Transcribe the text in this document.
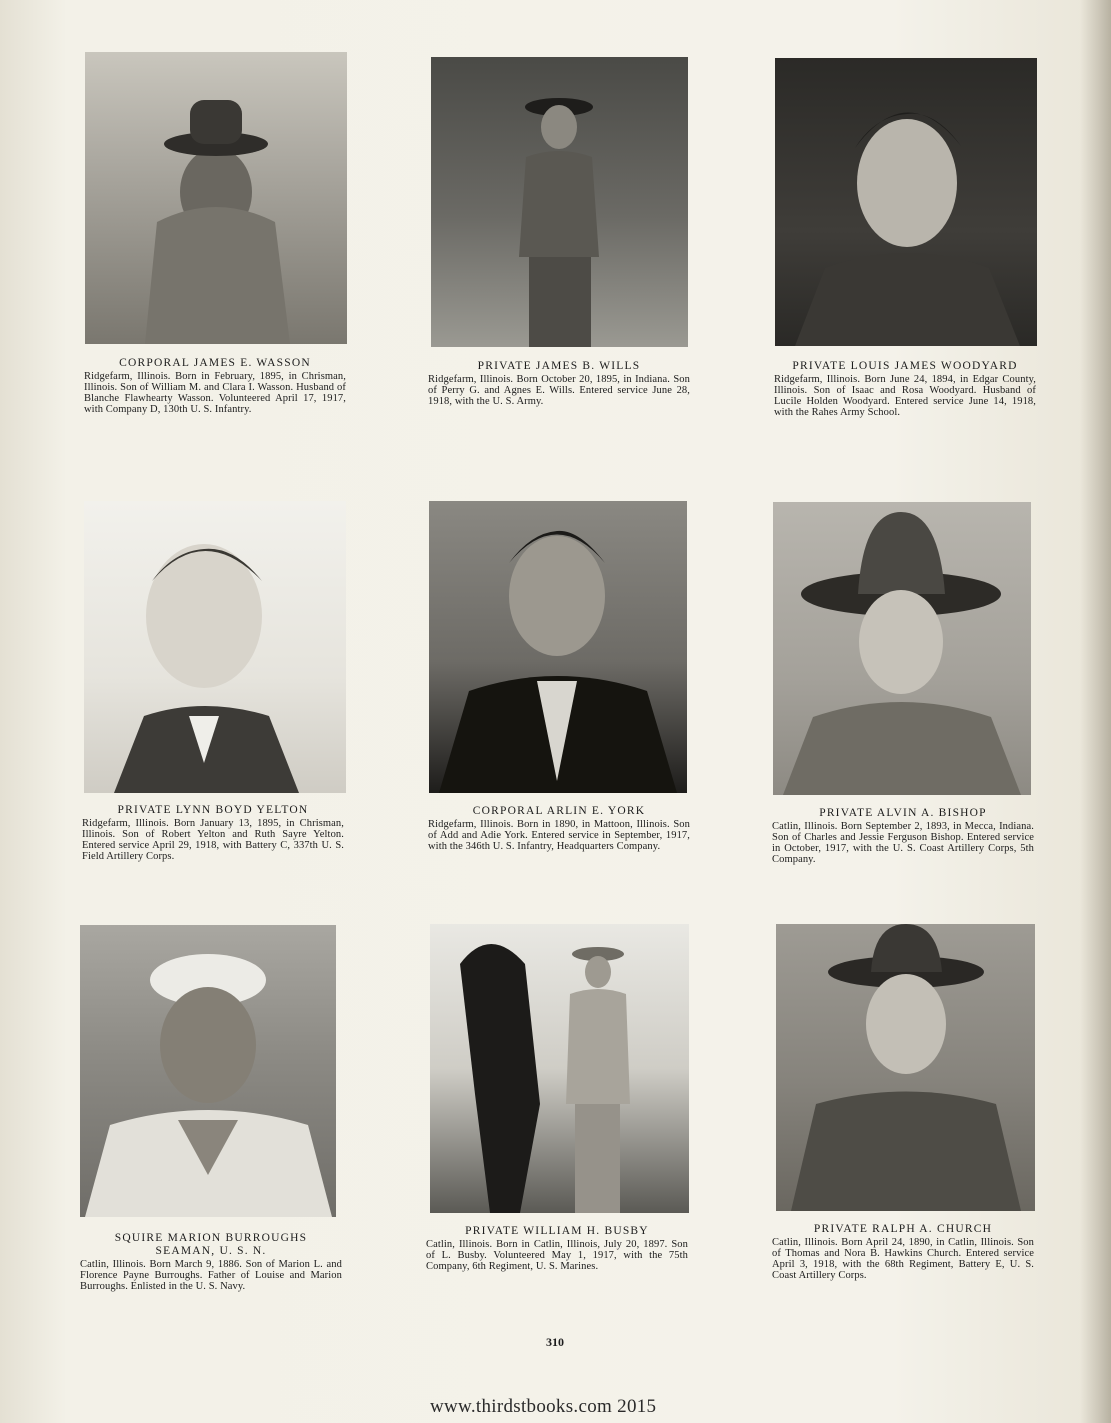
CORPORAL JAMES E. WASSON
Ridgefarm, Illinois. Born in February, 1895, in Chrisman, Illinois. Son of William M. and Clara I. Wasson. Husband of Blanche Flawhearty Wasson. Volunteered April 17, 1917, with Company D, 130th U. S. Infantry.
PRIVATE JAMES B. WILLS
Ridgefarm, Illinois. Born October 20, 1895, in Indiana. Son of Perry G. and Agnes E. Wills. Entered service June 28, 1918, with the U. S. Army.
PRIVATE LOUIS JAMES WOODYARD
Ridgefarm, Illinois. Born June 24, 1894, in Edgar County, Illinois. Son of Isaac and Rosa Woodyard. Husband of Lucile Holden Woodyard. Entered service June 14, 1918, with the Rahes Army School.
PRIVATE LYNN BOYD YELTON
Ridgefarm, Illinois. Born January 13, 1895, in Chrisman, Illinois. Son of Robert Yelton and Ruth Sayre Yelton. Entered service April 29, 1918, with Battery C, 337th U. S. Field Artillery Corps.
CORPORAL ARLIN E. YORK
Ridgefarm, Illinois. Born in 1890, in Mattoon, Illinois. Son of Add and Adie York. Entered service in September, 1917, with the 346th U. S. Infantry, Headquarters Company.
PRIVATE ALVIN A. BISHOP
Catlin, Illinois. Born September 2, 1893, in Mecca, Indiana. Son of Charles and Jessie Ferguson Bishop. Entered service in October, 1917, with the U. S. Coast Artillery Corps, 5th Company.
SQUIRE MARION BURROUGHS
SEAMAN, U. S. N.
Catlin, Illinois. Born March 9, 1886. Son of Marion L. and Florence Payne Burroughs. Father of Louise and Marion Burroughs. Enlisted in the U. S. Navy.
PRIVATE WILLIAM H. BUSBY
Catlin, Illinois. Born in Catlin, Illinois, July 20, 1897. Son of L. Busby. Volunteered May 1, 1917, with the 75th Company, 6th Regiment, U. S. Marines.
PRIVATE RALPH A. CHURCH
Catlin, Illinois. Born April 24, 1890, in Catlin, Illinois. Son of Thomas and Nora B. Hawkins Church. Entered service April 3, 1918, with the 68th Regiment, Battery E, U. S. Coast Artillery Corps.
310
www.thirdstbooks.com 2015
